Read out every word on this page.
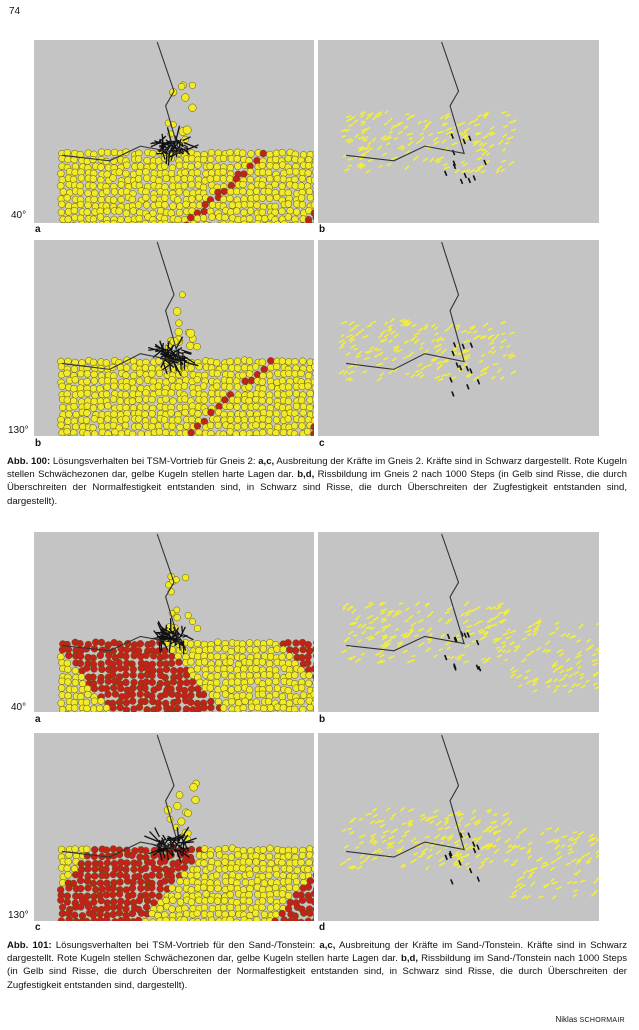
74
40°
a	b
130°
b	c
Abb. 100: Lösungsverhalten bei TSM-Vortrieb für Gneis 2: a,c, Ausbreitung der Kräfte im Gneis 2. Kräfte sind in Schwarz dargestellt. Rote Kugeln stellen Schwächezonen dar, gelbe Kugeln stellen harte Lagen dar. b,d, Rissbildung im Gneis 2 nach 1000 Steps (in Gelb sind Risse, die durch Überschreiten der Normalfestigkeit entstanden sind, in Schwarz sind Risse, die durch Überschreiten der Zugfestigkeit entstanden sind, dargestellt).
40°
a	b
130°
c	d
Abb. 101: Lösungsverhalten bei TSM-Vortrieb für den Sand-/Tonstein: a,c, Ausbreitung der Kräfte im Sand-/Tonstein. Kräfte sind in Schwarz dargestellt. Rote Kugeln stellen Schwächezonen dar, gelbe Kugeln stellen harte Lagen dar. b,d, Rissbildung im Sand-/Tonstein nach 1000 Steps (in Gelb sind Risse, die durch Überschreiten der Normalfestigkeit entstanden sind, in Schwarz sind Risse, die durch Überschreiten der Zugfestigkeit entstanden sind, dargestellt).
Niklas SCHORMAIR
